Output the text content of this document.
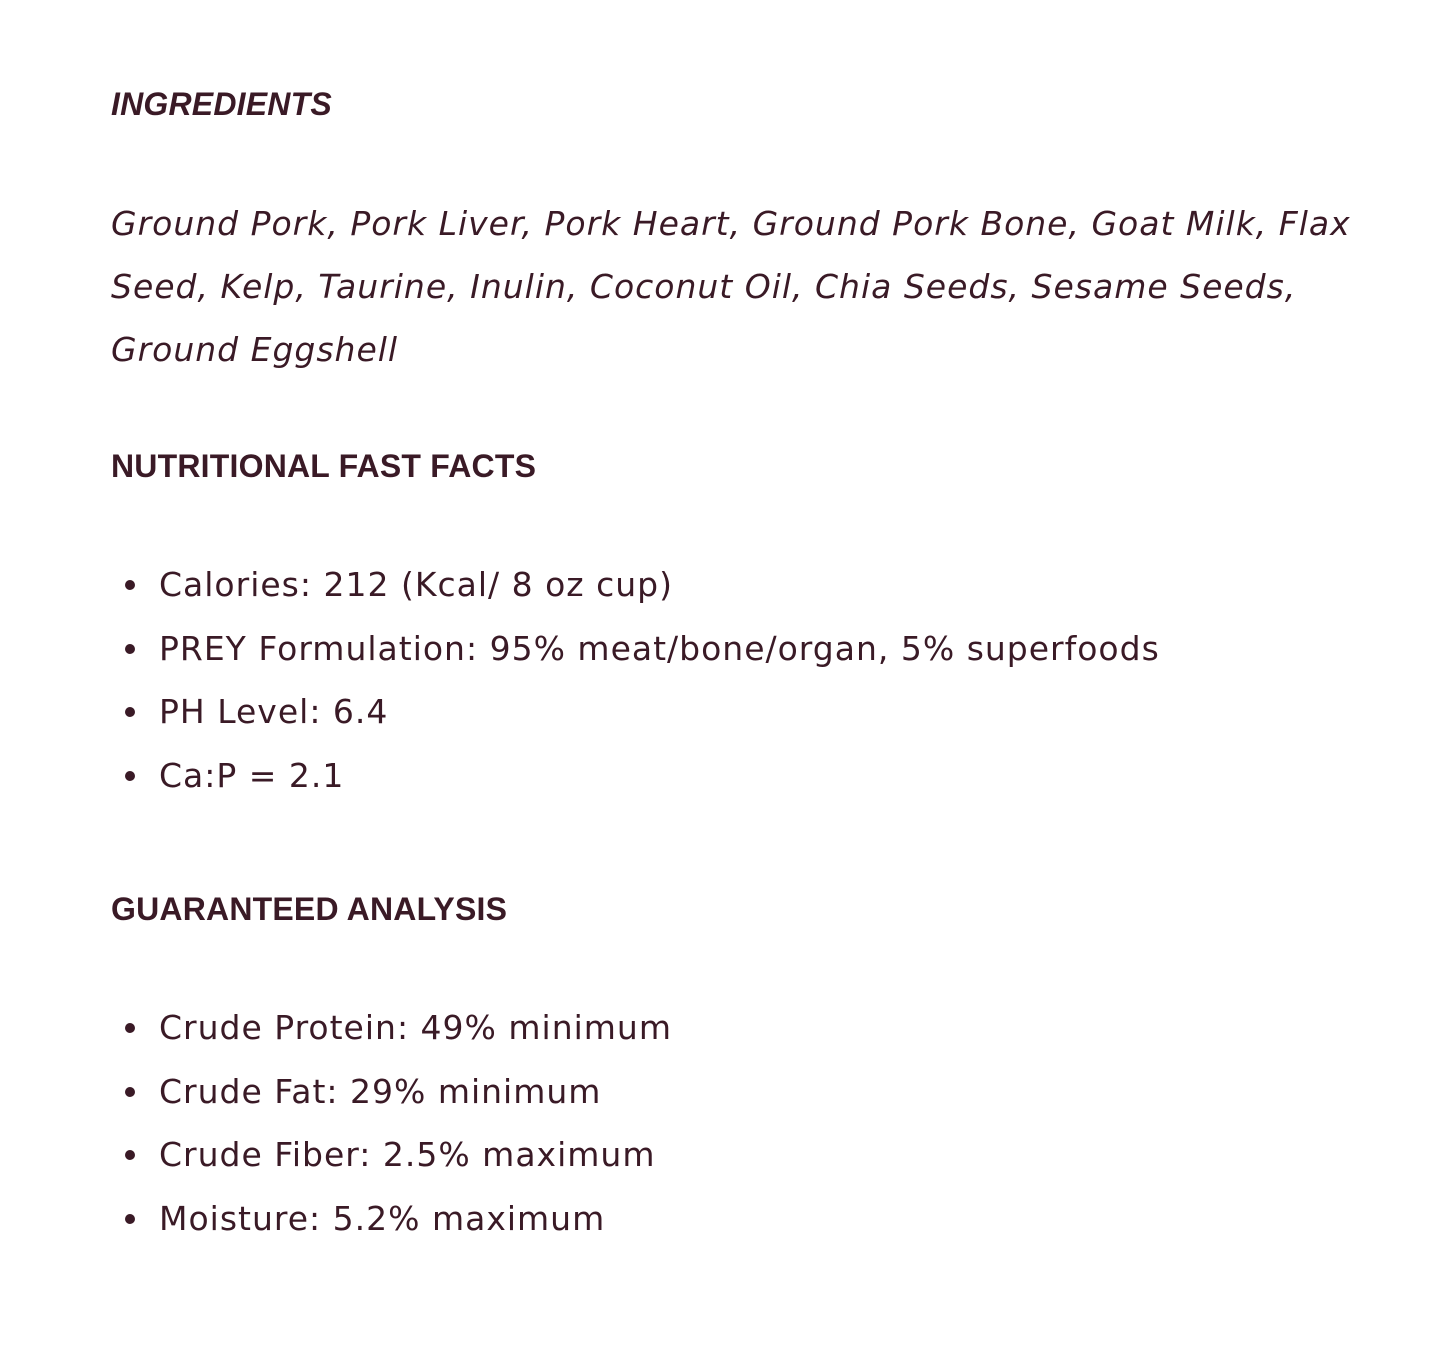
INGREDIENTS

Ground Pork, Pork Liver, Pork Heart, Ground Pork Bone, Goat Milk, Flax Seed, Kelp, Taurine, Inulin, Coconut Oil, Chia Seeds, Sesame Seeds, Ground Eggshell

NUTRITIONAL FAST FACTS
Calories: 212 (Kcal/ 8 oz cup)
PREY Formulation: 95% meat/bone/organ, 5% superfoods
PH Level: 6.4
Ca:P = 2.1
GUARANTEED ANALYSIS
Crude Protein: 49% minimum
Crude Fat: 29% minimum
Crude Fiber: 2.5% maximum
Moisture: 5.2% maximum
